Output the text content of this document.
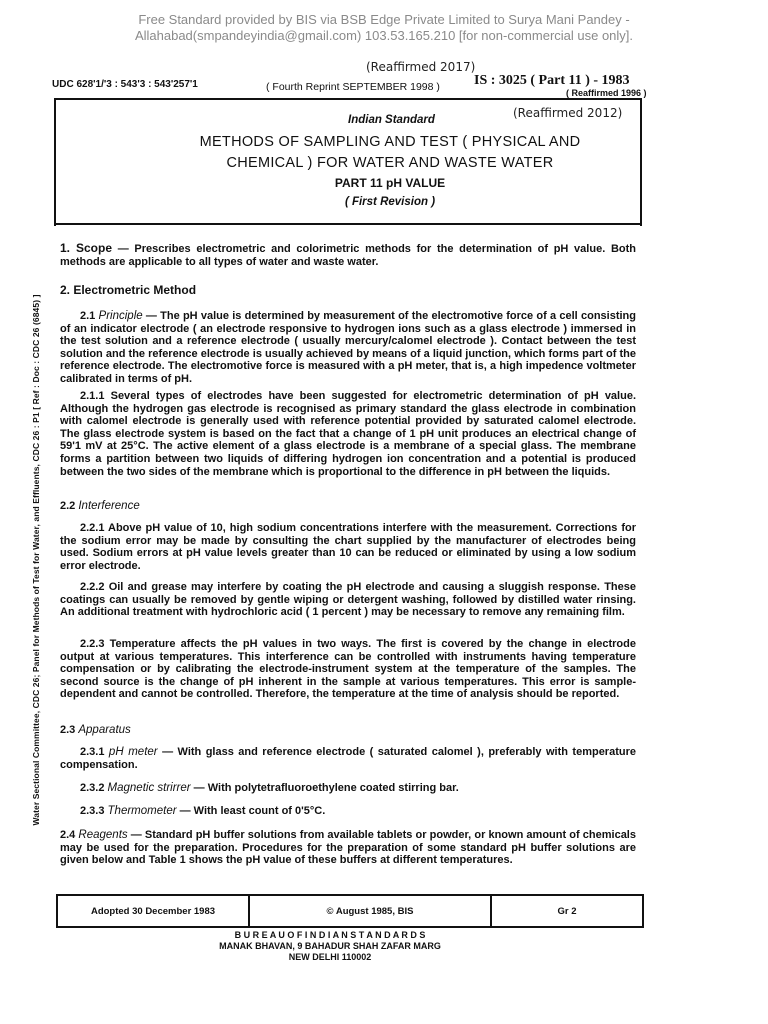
Free Standard provided by BIS via BSB Edge Private Limited to Surya Mani Pandey -
Allahabad(smpandeyindia@gmail.com) 103.53.165.210 [for non-commercial use only].
(Reaffirmed 2017)
UDC 628'1/'3 : 543'3 : 543'257'1	( Fourth Reprint SEPTEMBER 1998 ) IS : 3025 ( Part 11 ) - 1983
( Reaffirmed 1996 )
Water Sectional Committee, CDC 26; Panel for Methods of Test for Water, and Effluents, CDC 26 : P1 [ Ref : Doc : CDC 26 (6845) ]
(Reaffirmed 2012)
Indian Standard
METHODS OF SAMPLING AND TEST ( PHYSICAL AND
CHEMICAL ) FOR WATER AND WASTE WATER
PART 11 pH VALUE
( First Revision )

1. Scope — Prescribes electrometric and colorimetric methods for the determination of pH value. Both methods are applicable to all types of water and waste water.

2. Electrometric Method

2.1 Principle — The pH value is determined by measurement of the electromotive force of a cell consisting of an indicator electrode ( an electrode responsive to hydrogen ions such as a glass electrode ) immersed in the test solution and a reference electrode ( usually mercury/calomel electrode ). Contact between the test solution and the reference electrode is usually achieved by means of a liquid junction, which forms part of the reference electrode. The electromotive force is measured with a pH meter, that is, a high impedence voltmeter calibrated in terms of pH.

2.1.1 Several types of electrodes have been suggested for electrometric determination of pH value. Although the hydrogen gas electrode is recognised as primary standard the glass electrode in combination with calomel electrode is generally used with reference potential provided by saturated calomel electrode. The glass electrode system is based on the fact that a change of 1 pH unit produces an electrical change of 59'1 mV at 25°C. The active element of a glass electrode is a membrane of a special glass. The membrane forms a partition between two liquids of differing hydrogen ion concentration and a potential is produced between the two sides of the membrane which is proportional to the difference in pH between the liquids.

2.2 Interference

2.2.1 Above pH value of 10, high sodium concentrations interfere with the measurement. Corrections for the sodium error may be made by consulting the chart supplied by the manufacturer of electrodes being used. Sodium errors at pH value levels greater than 10 can be reduced or eliminated by using a low sodium error electrode.

2.2.2 Oil and grease may interfere by coating the pH electrode and causing a sluggish response. These coatings can usually be removed by gentle wiping or detergent washing, followed by distilled water rinsing. An additional treatment with hydrochloric acid ( 1 percent ) may be necessary to remove any remaining film.

2.2.3 Temperature affects the pH values in two ways. The first is covered by the change in electrode output at various temperatures. This interference can be controlled with instruments having temperature compensation or by calibrating the electrode-instrument system at the temperature of the samples. The second source is the change of pH inherent in the sample at various temperatures. This error is sample-dependent and cannot be controlled. Therefore, the temperature at the time of analysis should be reported.

2.3 Apparatus

2.3.1 pH meter — With glass and reference electrode ( saturated calomel ), preferably with temperature compensation.

2.3.2 Magnetic strirrer — With polytetrafluoroethylene coated stirring bar.

2.3.3 Thermometer — With least count of 0'5°C.

2.4 Reagents — Standard pH buffer solutions from available tablets or powder, or known amount of chemicals may be used for the preparation. Procedures for the preparation of some standard pH buffer solutions are given below and Table 1 shows the pH value of these buffers at different temperatures.

Adopted 30 December 1983	© August 1985, BIS	Gr 2
B U R E A U O F I N D I A N S T A N D A R D S
MANAK BHAVAN, 9 BAHADUR SHAH ZAFAR MARG
NEW DELHI 110002
